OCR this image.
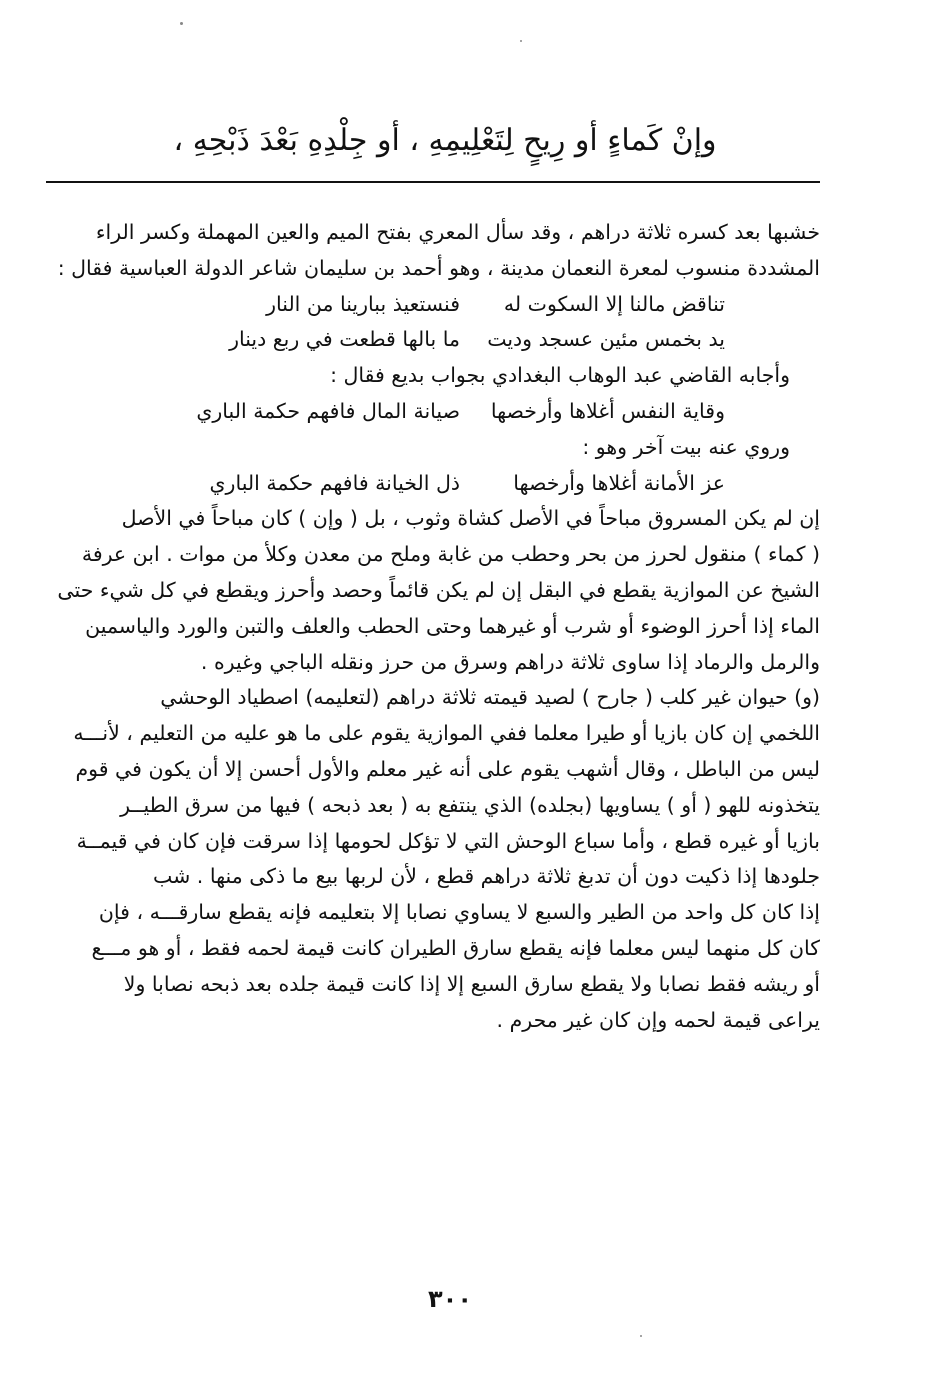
وإنْ كَماءٍ أو رِيحٍ لِتَعْلِيمِهِ ، أو جِلْدِهِ بَعْدَ ذَبْحِهِ ،
خشبها بعد كسره ثلاثة دراهم ، وقد سأل المعري بفتح الميم والعين المهملة وكسر الراء
المشددة منسوب لمعرة النعمان مدينة ، وهو أحمد بن سليمان شاعر الدولة العباسية فقال :
تناقض مالنا إلا السكوت له
فنستعيذ ببارينا من النار
يد بخمس مئين عسجد وديت
ما بالها قطعت في ربع دينار
وأجابه القاضي عبد الوهاب البغدادي بجواب بديع فقال :
وقاية النفس أغلاها وأرخصها
صيانة المال فافهم حكمة الباري
وروي عنه بيت آخر وهو :
عز الأمانة أغلاها وأرخصها
ذل الخيانة فافهم حكمة الباري
إن لم يكن المسروق مباحاً في الأصل كشاة وثوب ، بل ( وإن ) كان مباحاً في الأصل
( كماء ) منقول لحرز من بحر وحطب من غابة وملح من معدن وكلأ من موات . ابن عرفة
الشيخ عن الموازية يقطع في البقل إن لم يكن قائماً وحصد وأحرز ويقطع في كل شيء حتى
الماء إذا أحرز الوضوء أو شرب أو غيرهما وحتى الحطب والعلف والتبن والورد والياسمين
والرمل والرماد إذا ساوى ثلاثة دراهم وسرق من حرز ونقله الباجي وغيره .
(و) حيوان غير كلب ( جارح ) لصيد قيمته ثلاثة دراهم (لتعليمه) اصطياد الوحشي
اللخمي إن كان بازيا أو طيرا معلما ففي الموازية يقوم على ما هو عليه من التعليم ، لأنـــه
ليس من الباطل ، وقال أشهب يقوم على أنه غير معلم والأول أحسن إلا أن يكون في قوم
يتخذونه للهو ( أو ) يساويها (بجلده) الذي ينتفع به ( بعد ذبحه ) فيها من سرق الطيــر
بازيا أو غيره قطع ، وأما سباع الوحش التي لا تؤكل لحومها إذا سرقت فإن كان في قيمــة
جلودها إذا ذكيت دون أن تدبغ ثلاثة دراهم قطع ، لأن لربها بيع ما ذكى منها . شب
إذا كان كل واحد من الطير والسبع لا يساوي نصابا إلا بتعليمه فإنه يقطع سارقـــه ، فإن
كان كل منهما ليس معلما فإنه يقطع سارق الطيران كانت قيمة لحمه فقط ، أو هو مـــع
أو ريشه فقط نصابا ولا يقطع سارق السبع إلا إذا كانت قيمة جلده بعد ذبحه نصابا ولا
يراعى قيمة لحمه وإن كان غير محرم .
٣٠٠
